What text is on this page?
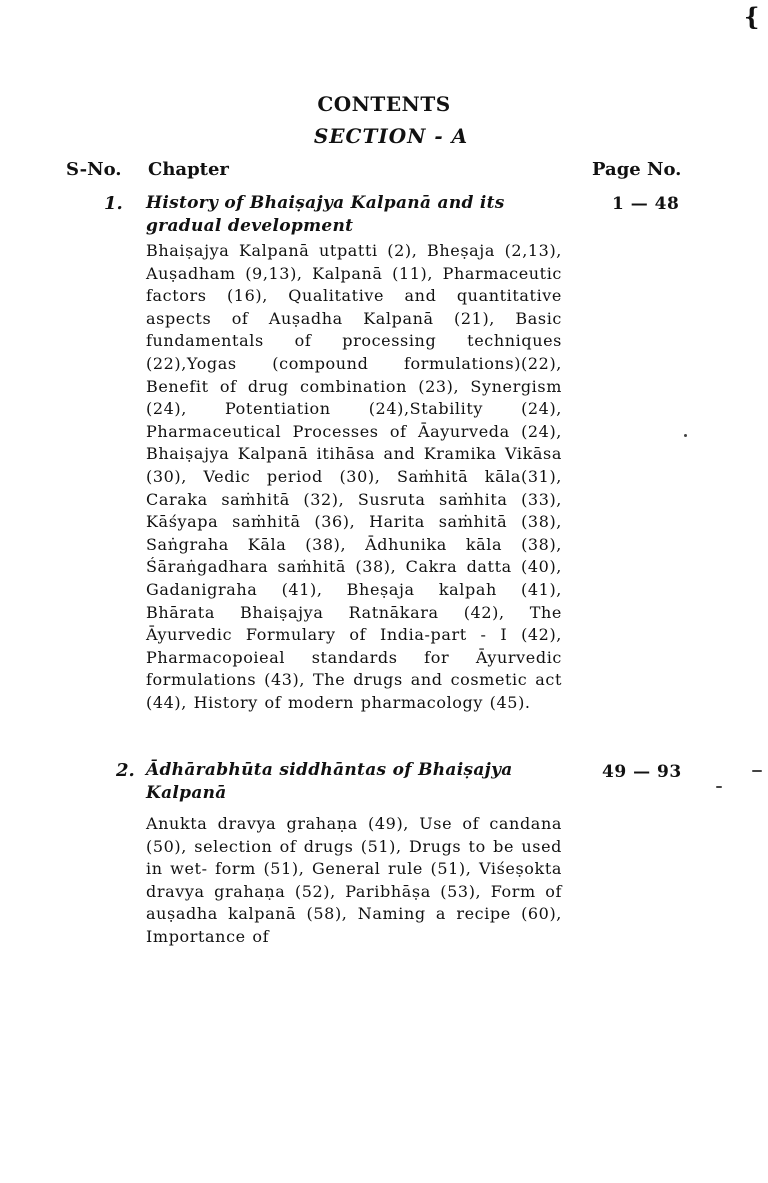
{
CONTENTS
SECTION - A
S-No. Chapter	Page No.
1. History of Bhaiṣajya Kalpanā and its gradual development
1 — 48
Bhaiṣajya Kalpanā utpatti (2), Bheṣaja (2,13), Auṣadham (9,13), Kalpanā (11), Pharmaceutic factors (16), Qualitative and quantitative aspects of Auṣadha Kalpanā (21), Basic fundamentals of processing techniques (22),Yogas (compound formulations)(22), Benefit of drug combination (23), Synergism (24), Potentiation (24),Stability (24), Pharmaceutical Processes of Āayurveda (24), Bhaiṣajya Kalpanā itihāsa and Kramika Vikāsa (30), Vedic period (30), Saṁhitā kāla(31), Caraka saṁhitā (32), Susruta saṁhita (33), Kāśyapa saṁhitā (36), Harita saṁhitā (38), Saṅgraha Kāla (38), Ādhunika kāla (38), Śāraṅgadhara saṁhitā (38), Cakra datta (40), Gadanigraha (41), Bheṣaja kalpah (41), Bhārata Bhaiṣajya Ratnākara (42), The Āyurvedic Formulary of India-part - I (42), Pharmacopoieal standards for Āyurvedic formulations (43), The drugs and cosmetic act (44), History of modern pharmacology (45).
2. Ādhārabhūta siddhāntas of Bhaiṣajya Kalpanā
49 — 93
Anukta dravya grahaṇa (49), Use of candana (50), selection of drugs (51), Drugs to be used in wet- form (51), General rule (51), Viśeṣokta dravya grahaṇa (52), Paribhāṣa (53), Form of auṣadha kalpanā (58), Naming a recipe (60), Importance of
